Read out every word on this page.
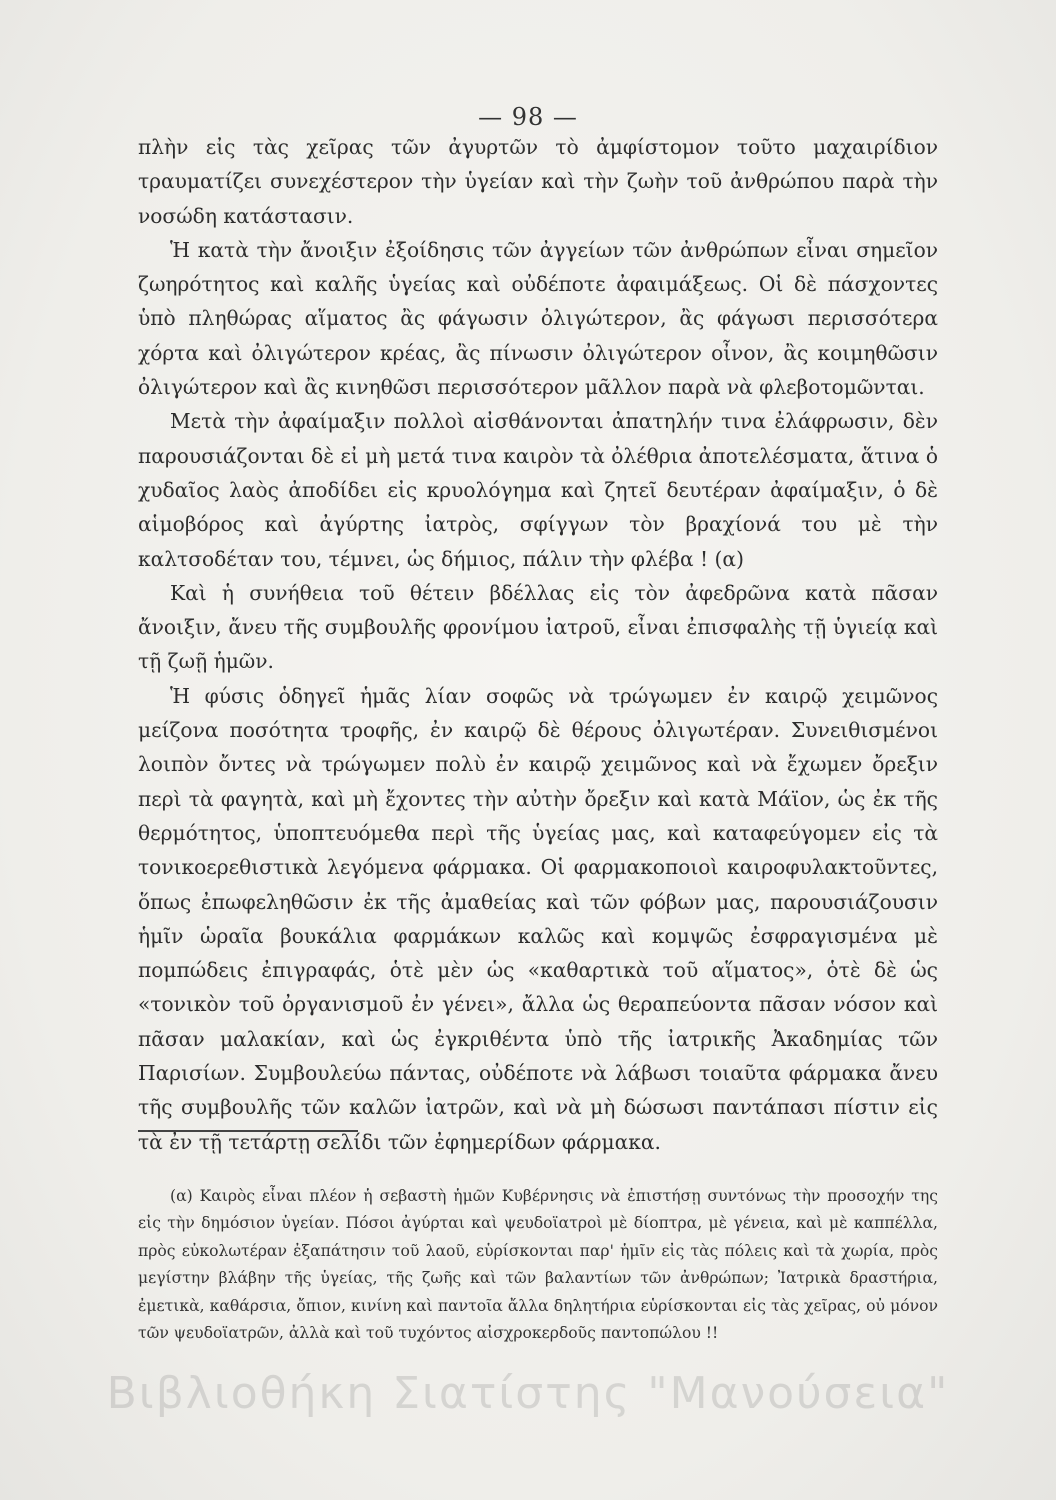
— 98 —

πλὴν εἰς τὰς χεῖρας τῶν ἀγυρτῶν τὸ ἀμφίστομον τοῦτο μαχαιρίδιον τραυματίζει συνεχέστερον τὴν ὑγείαν καὶ τὴν ζωὴν τοῦ ἀνθρώπου παρὰ τὴν νοσώδη κατάστασιν.

Ἡ κατὰ τὴν ἄνοιξιν ἐξοίδησις τῶν ἀγγείων τῶν ἀνθρώπων εἶναι σημεῖον ζωηρότητος καὶ καλῆς ὑγείας καὶ οὐδέποτε ἀφαιμάξεως. Οἱ δὲ πάσχοντες ὑπὸ πληθώρας αἵματος ἂς φάγωσιν ὀλιγώτερον, ἂς φάγωσι περισσότερα χόρτα καὶ ὀλιγώτερον κρέας, ἂς πίνωσιν ὀλιγώτερον οἶνον, ἂς κοιμηθῶσιν ὀλιγώτερον καὶ ἂς κινηθῶσι περισσότερον μᾶλλον παρὰ νὰ φλεβοτομῶνται.

Μετὰ τὴν ἀφαίμαξιν πολλοὶ αἰσθάνονται ἀπατηλήν τινα ἐλάφρωσιν, δὲν παρουσιάζονται δὲ εἰ μὴ μετά τινα καιρὸν τὰ ὀλέθρια ἀποτελέσματα, ἅτινα ὁ χυδαῖος λαὸς ἀποδίδει εἰς κρυολόγημα καὶ ζητεῖ δευτέραν ἀφαίμαξιν, ὁ δὲ αἱμοβόρος καὶ ἀγύρτης ἰατρὸς, σφίγγων τὸν βραχίονά του μὲ τὴν καλτσοδέταν του, τέμνει, ὡς δήμιος, πάλιν τὴν φλέβα ! (α)

Καὶ ἡ συνήθεια τοῦ θέτειν βδέλλας εἰς τὸν ἀφεδρῶνα κατὰ πᾶσαν ἄνοιξιν, ἄνευ τῆς συμβουλῆς φρονίμου ἰατροῦ, εἶναι ἐπισφαλὴς τῇ ὑγιείᾳ καὶ τῇ ζωῇ ἡμῶν.

Ἡ φύσις ὁδηγεῖ ἡμᾶς λίαν σοφῶς νὰ τρώγωμεν ἐν καιρῷ χειμῶνος μείζονα ποσότητα τροφῆς, ἐν καιρῷ δὲ θέρους ὀλιγωτέραν. Συνειθισμένοι λοιπὸν ὄντες νὰ τρώγωμεν πολὺ ἐν καιρῷ χειμῶνος καὶ νὰ ἔχωμεν ὄρεξιν περὶ τὰ φαγητὰ, καὶ μὴ ἔχοντες τὴν αὐτὴν ὄρεξιν καὶ κατὰ Μάϊον, ὡς ἐκ τῆς θερμότητος, ὑποπτευόμεθα περὶ τῆς ὑγείας μας, καὶ καταφεύγομεν εἰς τὰ τονικοερεθιστικὰ λεγόμενα φάρμακα. Οἱ φαρμακοποιοὶ καιροφυλακτοῦντες, ὅπως ἐπωφεληθῶσιν ἐκ τῆς ἀμαθείας καὶ τῶν φόβων μας, παρουσιάζουσιν ἡμῖν ὡραῖα βουκάλια φαρμάκων καλῶς καὶ κομψῶς ἐσφραγισμένα μὲ πομπώδεις ἐπιγραφάς, ὁτὲ μὲν ὡς «καθαρτικὰ τοῦ αἵματος», ὁτὲ δὲ ὡς «τονικὸν τοῦ ὀργανισμοῦ ἐν γένει», ἄλλα ὡς θεραπεύοντα πᾶσαν νόσον καὶ πᾶσαν μαλακίαν, καὶ ὡς ἐγκριθέντα ὑπὸ τῆς ἰατρικῆς Ἀκαδημίας τῶν Παρισίων. Συμβουλεύω πάντας, οὐδέποτε νὰ λάβωσι τοιαῦτα φάρμακα ἄνευ τῆς συμβουλῆς τῶν καλῶν ἰατρῶν, καὶ νὰ μὴ δώσωσι παντάπασι πίστιν εἰς τὰ ἐν τῇ τετάρτῃ σελίδι τῶν ἐφημερίδων φάρμακα.

(α) Καιρὸς εἶναι πλέον ἡ σεβαστὴ ἡμῶν Κυβέρνησις νὰ ἐπιστήσῃ συντόνως τὴν προσοχήν της εἰς τὴν δημόσιον ὑγείαν. Πόσοι ἀγύρται καὶ ψευδοϊατροὶ μὲ δίοπτρα, μὲ γένεια, καὶ μὲ καππέλλα, πρὸς εὐκολωτέραν ἐξαπάτησιν τοῦ λαοῦ, εὑρίσκονται παρ' ἡμῖν εἰς τὰς πόλεις καὶ τὰ χωρία, πρὸς μεγίστην βλάβην τῆς ὑγείας, τῆς ζωῆς καὶ τῶν βαλαντίων τῶν ἀνθρώπων; Ἰατρικὰ δραστήρια, ἐμετικὰ, καθάρσια, ὄπιον, κινίνη καὶ παντοῖα ἄλλα δηλητήρια εὑρίσκονται εἰς τὰς χεῖρας, οὐ μόνον τῶν ψευδοϊατρῶν, ἀλλὰ καὶ τοῦ τυχόντος αἰσχροκερδοῦς παντοπώλου !!

Βιβλιοθήκη Σιατίστης "Μανούσεια"
